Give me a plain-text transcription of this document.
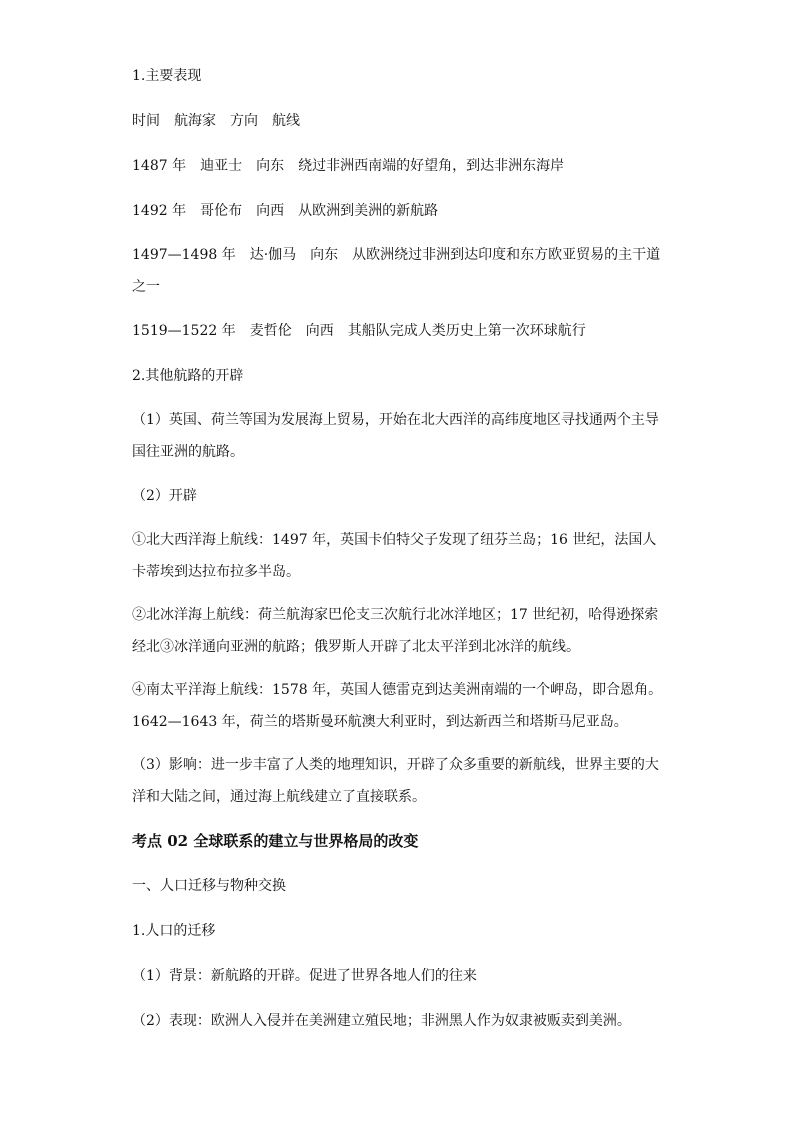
1.主要表现
时间　航海家　方向　航线
1487 年　迪亚士　向东　绕过非洲西南端的好望角，到达非洲东海岸
1492 年　哥伦布　向西　从欧洲到美洲的新航路
1497—1498 年　达·伽马　向东　从欧洲绕过非洲到达印度和东方欧亚贸易的主干道之一
1519—1522 年　麦哲伦　向西　其船队完成人类历史上第一次环球航行
2.其他航路的开辟
（1）英国、荷兰等国为发展海上贸易，开始在北大西洋的高纬度地区寻找通两个主导国往亚洲的航路。
（2）开辟
①北大西洋海上航线：1497 年，英国卡伯特父子发现了纽芬兰岛；16 世纪，法国人卡蒂埃到达拉布拉多半岛。
②北冰洋海上航线：荷兰航海家巴伦支三次航行北冰洋地区；17 世纪初，哈得逊探索经北③冰洋通向亚洲的航路；俄罗斯人开辟了北太平洋到北冰洋的航线。
④南太平洋海上航线：1578 年，英国人德雷克到达美洲南端的一个岬岛，即合恩角。1642—1643 年，荷兰的塔斯曼环航澳大利亚时，到达新西兰和塔斯马尼亚岛。
（3）影响：进一步丰富了人类的地理知识，开辟了众多重要的新航线，世界主要的大洋和大陆之间，通过海上航线建立了直接联系。
考点 02 全球联系的建立与世界格局的改变
一、人口迁移与物种交换
1.人口的迁移
（1）背景：新航路的开辟。促进了世界各地人们的往来
（2）表现：欧洲人入侵并在美洲建立殖民地；非洲黑人作为奴隶被贩卖到美洲。
